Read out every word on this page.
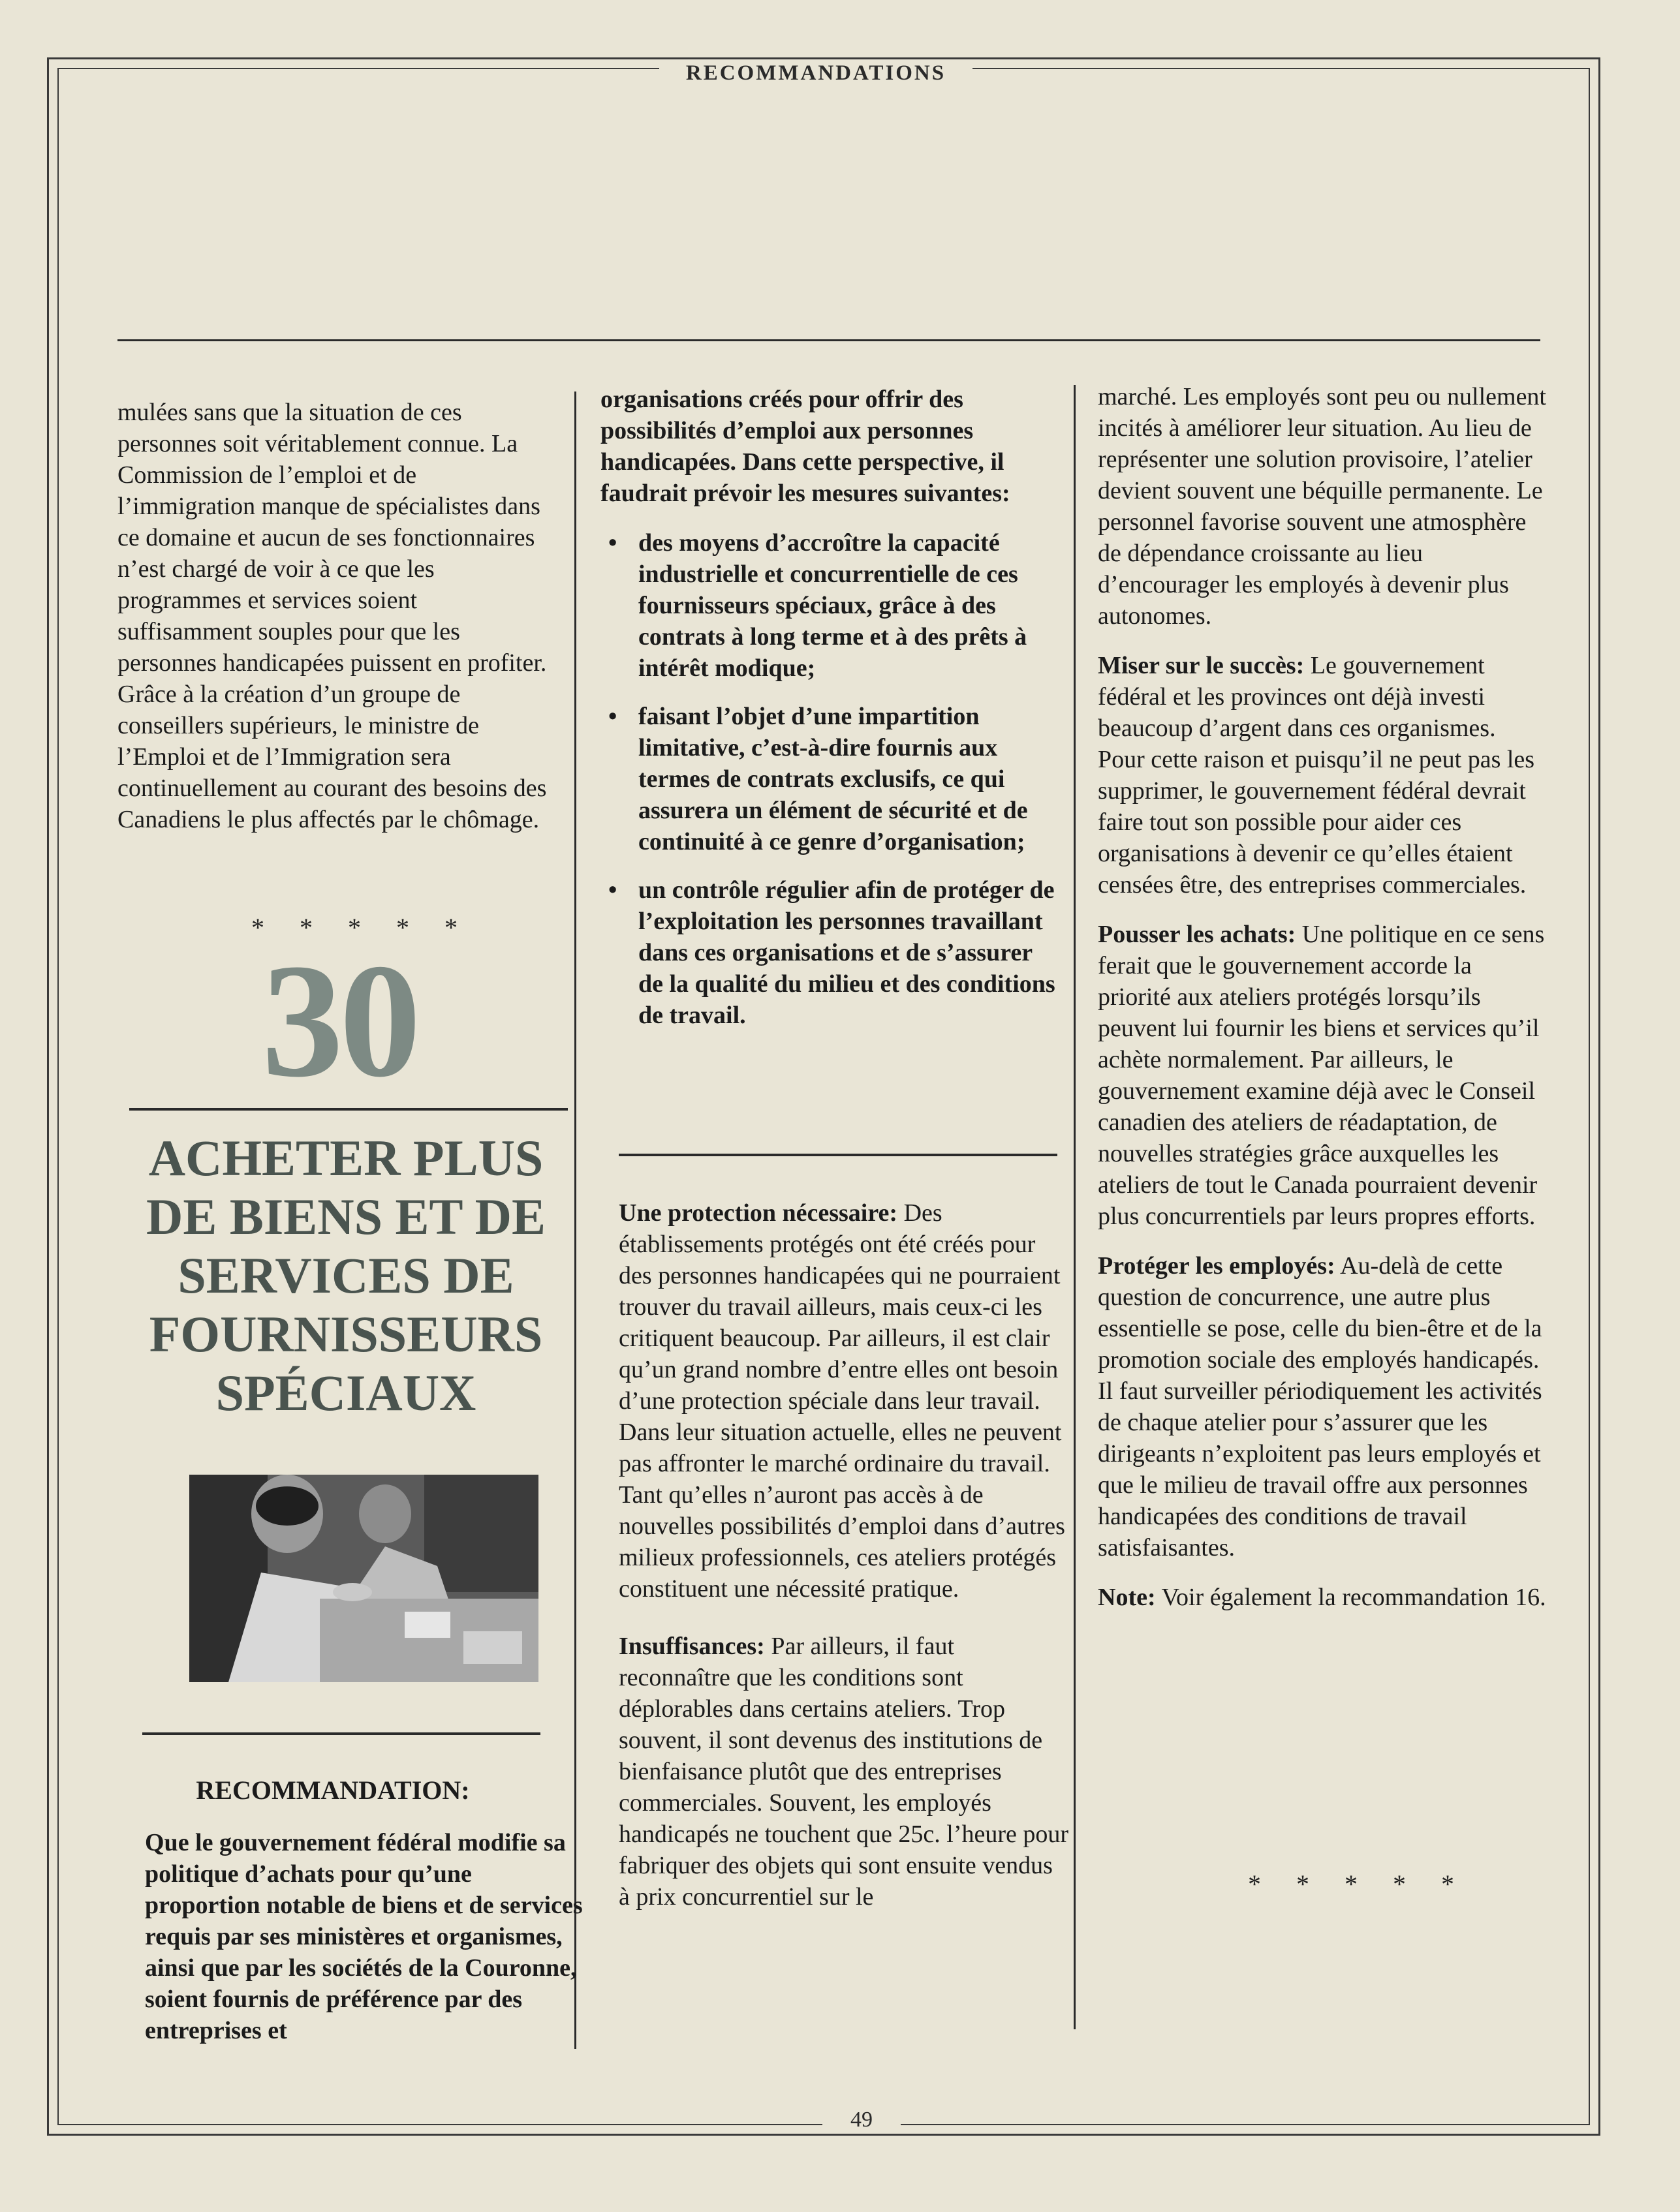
RECOMMANDATIONS

mulées sans que la situation de ces personnes soit véritablement connue. La Commission de l’emploi et de l’immigration manque de spécialistes dans ce domaine et aucun de ses fonctionnaires n’est chargé de voir à ce que les programmes et services soient suffisamment souples pour que les personnes handicapées puissent en profiter. Grâce à la création d’un groupe de conseillers supérieurs, le ministre de l’Emploi et de l’Immigration sera continuellement au courant des besoins des Canadiens le plus affectés par le chômage.

* * * * *
30
ACHETER PLUS
DE BIENS ET DE
SERVICES DE
FOURNISSEURS
SPÉCIAUX
RECOMMANDATION:
Que le gouvernement fédéral modifie sa politique d’achats pour qu’une proportion notable de biens et de services requis par ses ministères et organismes, ainsi que par les sociétés de la Couronne, soient fournis de préférence par des entreprises et

organisations créés pour offrir des possibilités d’emploi aux personnes handicapées. Dans cette perspective, il faudrait prévoir les mesures suivantes:

• des moyens d’accroître la capacité industrielle et concurrentielle de ces fournisseurs spéciaux, grâce à des contrats à long terme et à des prêts à intérêt modique;
• faisant l’objet d’une impartition limitative, c’est-à-dire fournis aux termes de contrats exclusifs, ce qui assurera un élément de sécurité et de continuité à ce genre d’organisation;
• un contrôle régulier afin de protéger de l’exploitation les personnes travaillant dans ces organisations et de s’assurer de la qualité du milieu et des conditions de travail.

Une protection nécessaire: Des établissements protégés ont été créés pour des personnes handicapées qui ne pourraient trouver du travail ailleurs, mais ceux-ci les critiquent beaucoup. Par ailleurs, il est clair qu’un grand nombre d’entre elles ont besoin d’une protection spéciale dans leur travail. Dans leur situation actuelle, elles ne peuvent pas affronter le marché ordinaire du travail. Tant qu’elles n’auront pas accès à de nouvelles possibilités d’emploi dans d’autres milieux professionnels, ces ateliers protégés constituent une nécessité pratique.

Insuffisances: Par ailleurs, il faut reconnaître que les conditions sont déplorables dans certains ateliers. Trop souvent, il sont devenus des institutions de bienfaisance plutôt que des entreprises commerciales. Souvent, les employés handicapés ne touchent que 25c. l’heure pour fabriquer des objets qui sont ensuite vendus à prix concurrentiel sur le

marché. Les employés sont peu ou nullement incités à améliorer leur situation. Au lieu de représenter une solution provisoire, l’atelier devient souvent une béquille permanente. Le personnel favorise souvent une atmosphère de dépendance croissante au lieu d’encourager les employés à devenir plus autonomes.

Miser sur le succès: Le gouvernement fédéral et les provinces ont déjà investi beaucoup d’argent dans ces organismes. Pour cette raison et puisqu’il ne peut pas les supprimer, le gouvernement fédéral devrait faire tout son possible pour aider ces organisations à devenir ce qu’elles étaient censées être, des entreprises commerciales.

Pousser les achats: Une politique en ce sens ferait que le gouvernement accorde la priorité aux ateliers protégés lorsqu’ils peuvent lui fournir les biens et services qu’il achète normalement. Par ailleurs, le gouvernement examine déjà avec le Conseil canadien des ateliers de réadaptation, de nouvelles stratégies grâce auxquelles les ateliers de tout le Canada pourraient devenir plus concurrentiels par leurs propres efforts.

Protéger les employés: Au-delà de cette question de concurrence, une autre plus essentielle se pose, celle du bien-être et de la promotion sociale des employés handicapés. Il faut surveiller périodiquement les activités de chaque atelier pour s’assurer que les dirigeants n’exploitent pas leurs employés et que le milieu de travail offre aux personnes handicapées des conditions de travail satisfaisantes.

Note: Voir également la recommandation 16.

* * * * *
49
